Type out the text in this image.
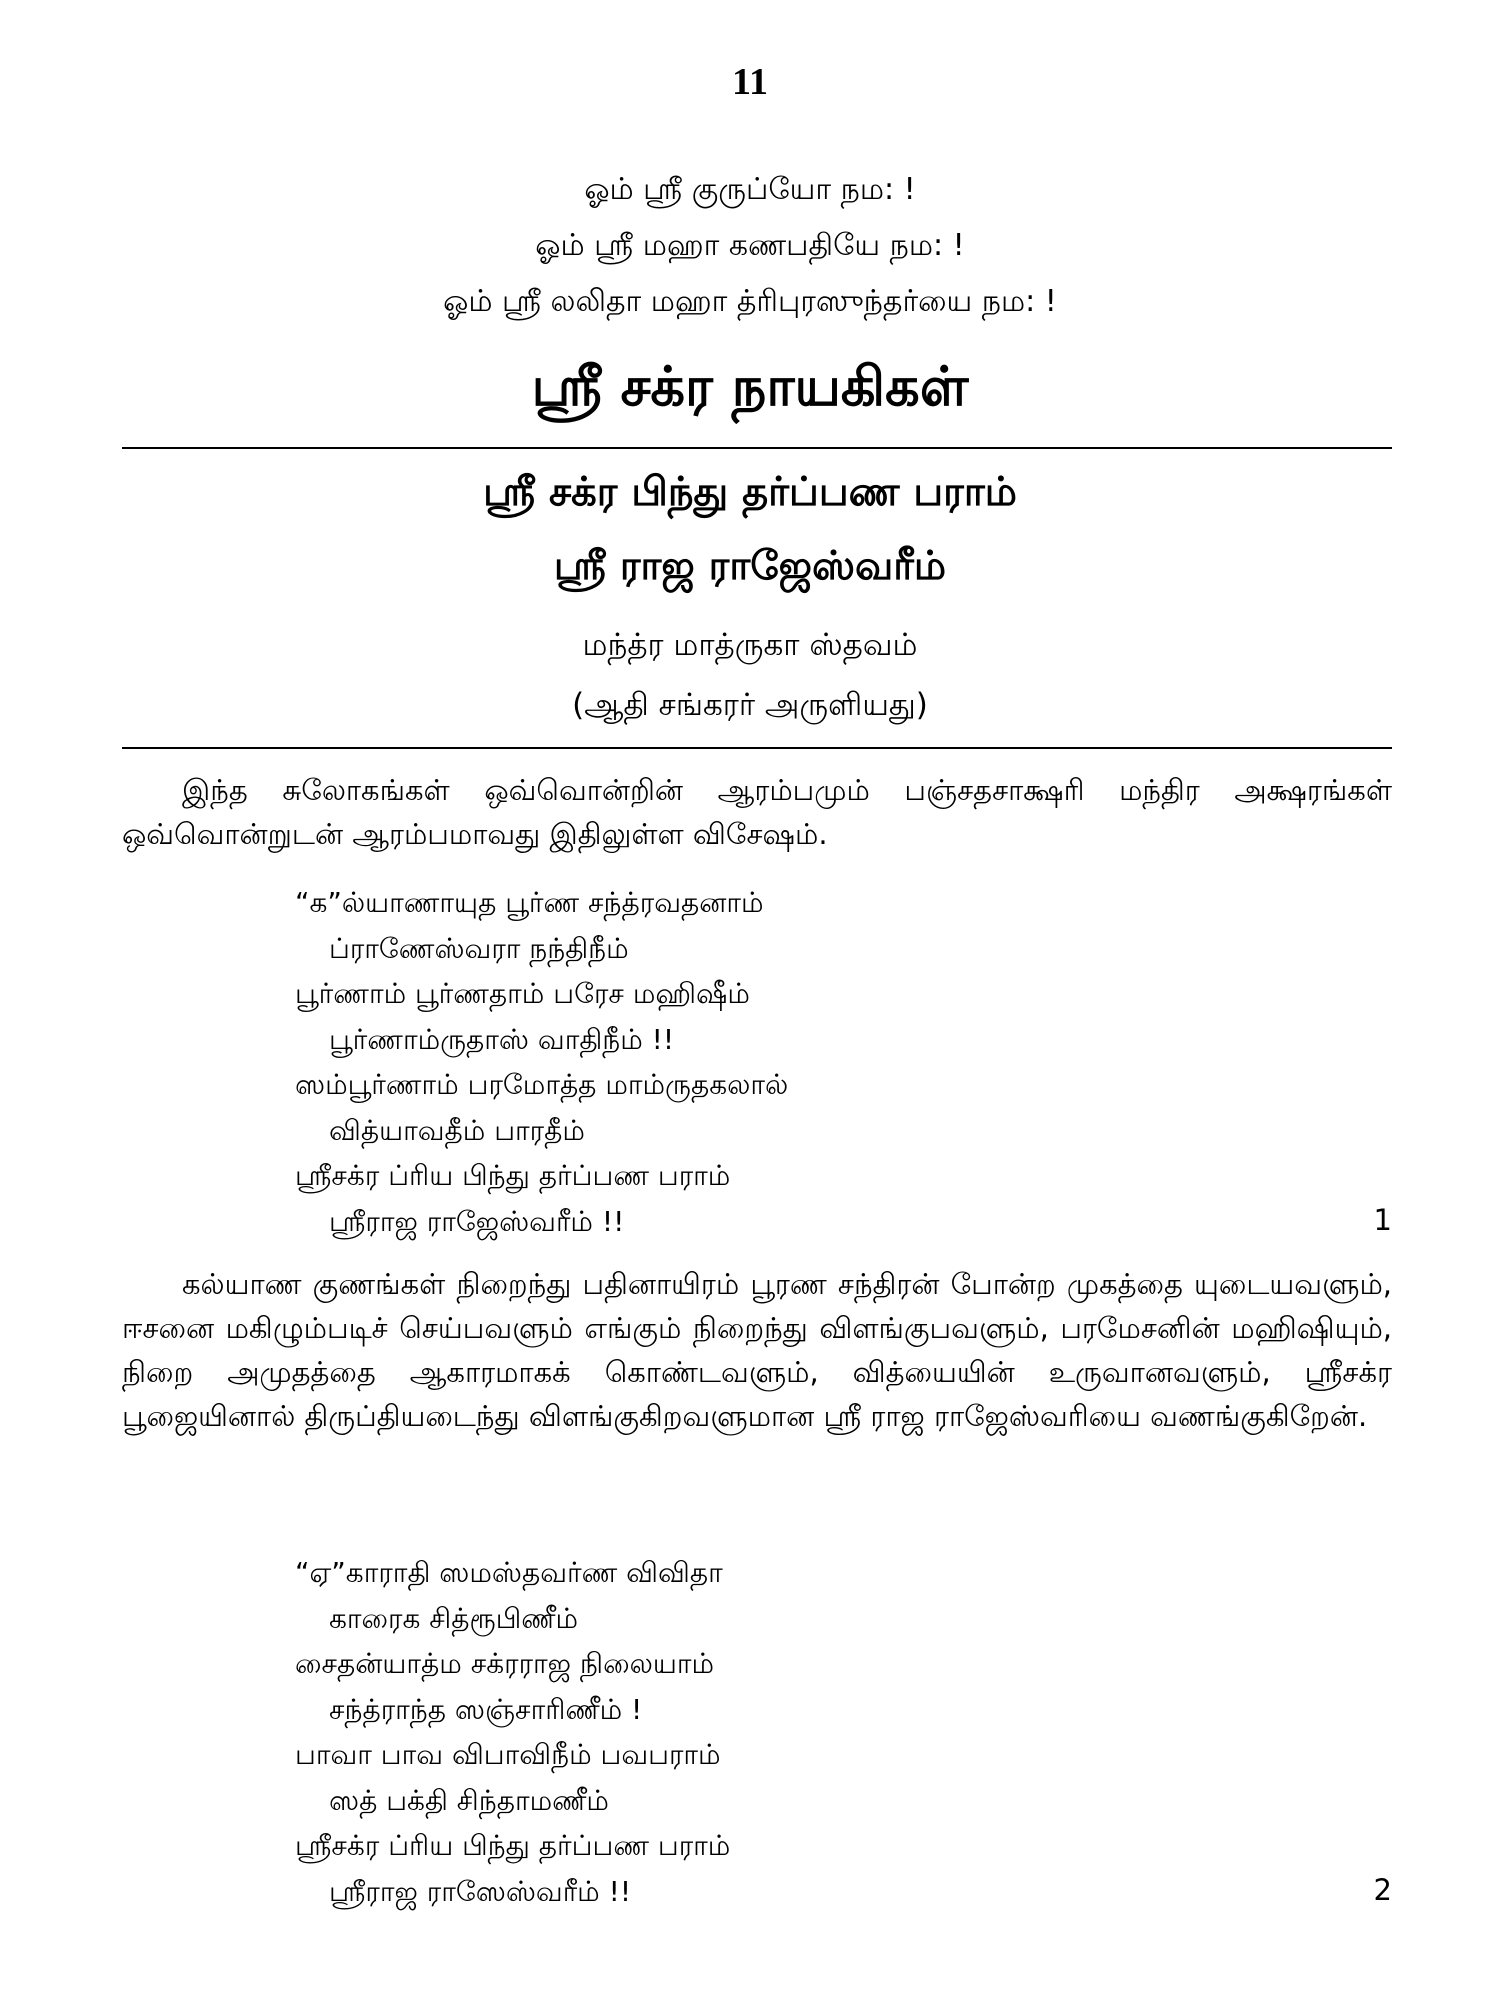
11
ஓம் ஸ்ரீ குருப்யோ நம: !
ஓம் ஸ்ரீ மஹா கணபதியே நம: !
ஓம் ஸ்ரீ லலிதா மஹா த்ரிபுரஸுந்தர்யை நம: !
ஸ்ரீ சக்ர நாயகிகள்
ஸ்ரீ சக்ர பிந்து தர்ப்பண பராம்
ஸ்ரீ ராஜ ராஜேஸ்வரீம்
மந்த்ர மாத்ருகா ஸ்தவம்
(ஆதி சங்கரர் அருளியது)
இந்த சுலோகங்கள் ஒவ்வொன்றின் ஆரம்பமும் பஞ்சதசாக்ஷரி மந்திர அக்ஷரங்கள் ஒவ்வொன்றுடன் ஆரம்பமாவது இதிலுள்ள விசேஷம்.
“க”ல்யாணாயுத பூர்ண சந்த்ரவதனாம்
ப்ராணேஸ்வரா நந்திநீம்
பூர்ணாம் பூர்ணதாம் பரேச மஹிஷீம்
பூர்ணாம்ருதாஸ் வாதிநீம் !!
ஸம்பூர்ணாம் பரமோத்த மாம்ருதகலால்
வித்யாவதீம் பாரதீம்
ஸ்ரீசக்ர ப்ரிய பிந்து தர்ப்பண பராம்
ஸ்ரீராஜ ராஜேஸ்வரீம் !!	1
கல்யாண குணங்கள் நிறைந்து பதினாயிரம் பூரண சந்திரன் போன்ற முகத்தை யுடையவளும், ஈசனை மகிழும்படிச் செய்பவளும் எங்கும் நிறைந்து விளங்குபவளும், பரமேசனின் மஹிஷியும், நிறை அமுதத்தை ஆகாரமாகக் கொண்டவளும், வித்யையின் உருவானவளும், ஸ்ரீசக்ர பூஜையினால் திருப்தியடைந்து விளங்குகிறவளுமான ஸ்ரீ ராஜ ராஜேஸ்வரியை வணங்குகிறேன்.
“ஏ”காராதி ஸமஸ்தவர்ண விவிதா
காரைக சித்ரூபிணீம்
சைதன்யாத்ம சக்ரராஜ நிலையாம்
சந்த்ராந்த ஸஞ்சாரிணீம் !
பாவா பாவ விபாவிநீம் பவபராம்
ஸத் பக்தி சிந்தாமணீம்
ஸ்ரீசக்ர ப்ரிய பிந்து தர்ப்பண பராம்
ஸ்ரீராஜ ராஸேஸ்வரீம் !!	2
